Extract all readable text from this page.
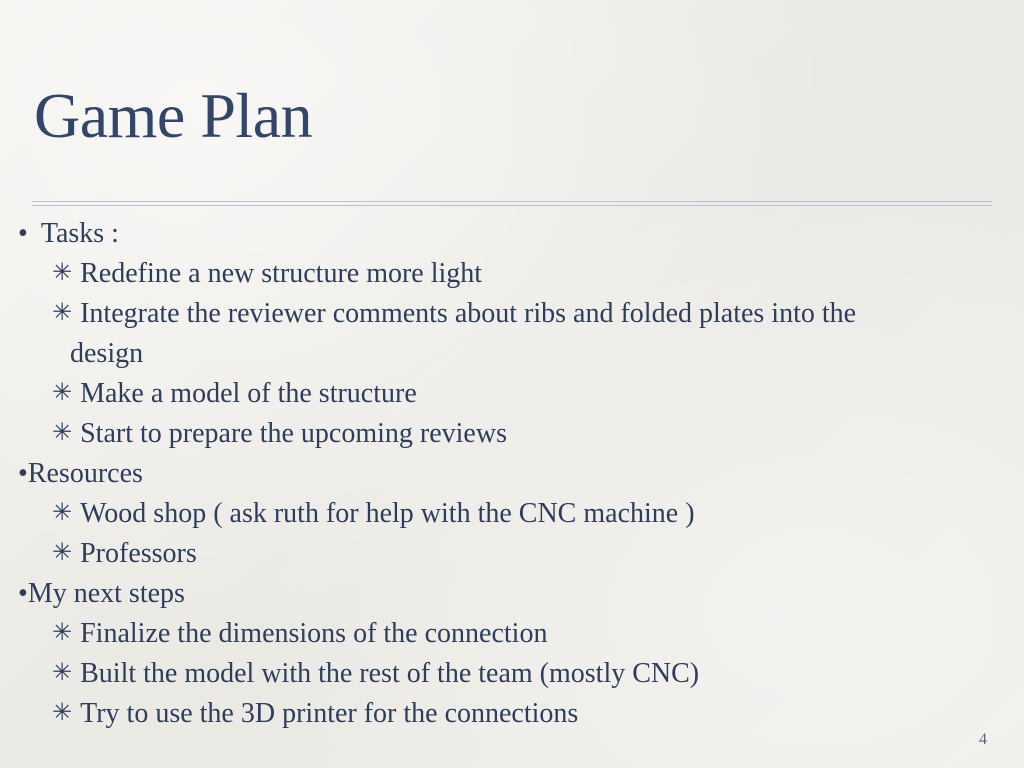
Game Plan
• Tasks :
✳ Redefine a new structure more light
✳ Integrate the reviewer comments about ribs and folded plates into the
design
✳ Make a model of the structure
✳ Start to prepare the upcoming reviews
•Resources
✳ Wood shop ( ask ruth for help with the CNC machine )
✳ Professors
•My next steps
✳ Finalize the dimensions of the connection
✳ Built the model with the rest of the team (mostly CNC)
✳ Try to use the 3D printer for the connections
4
